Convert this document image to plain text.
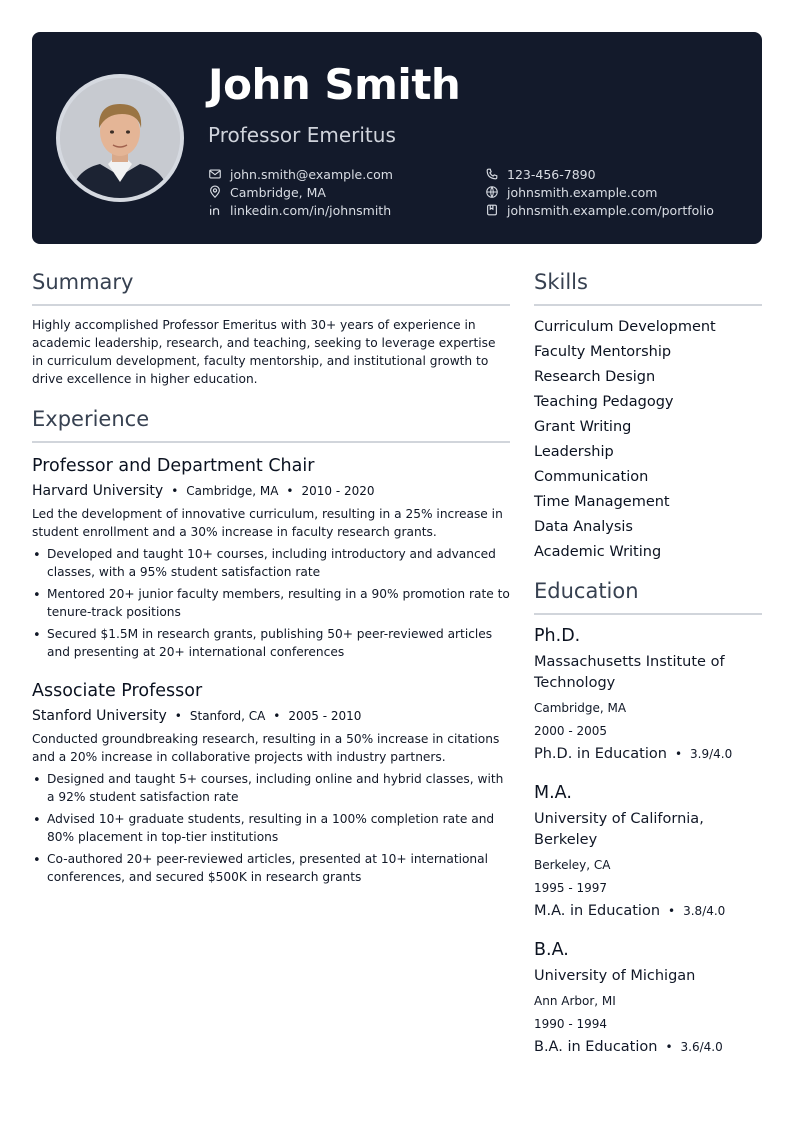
John Smith
Professor Emeritus
john.smith@example.com	123-456-7890
Cambridge, MA	johnsmith.example.com
linkedin.com/in/johnsmith	johnsmith.example.com/portfolio
Summary

Highly accomplished Professor Emeritus with 30+ years of experience in academic leadership, research, and teaching, seeking to leverage expertise in curriculum development, faculty mentorship, and institutional growth to drive excellence in higher education.

Experience
Professor and Department Chair
Harvard University • Cambridge, MA • 2010 - 2020

Led the development of innovative curriculum, resulting in a 25% increase in student enrollment and a 30% increase in faculty research grants.

• Developed and taught 10+ courses, including introductory and advanced classes, with a 95% student satisfaction rate
• Mentored 20+ junior faculty members, resulting in a 90% promotion rate to tenure-track positions
• Secured $1.5M in research grants, publishing 50+ peer-reviewed articles and presenting at 20+ international conferences
Associate Professor
Stanford University • Stanford, CA • 2005 - 2010

Conducted groundbreaking research, resulting in a 50% increase in citations and a 20% increase in collaborative projects with industry partners.

• Designed and taught 5+ courses, including online and hybrid classes, with a 92% student satisfaction rate
• Advised 10+ graduate students, resulting in a 100% completion rate and 80% placement in top-tier institutions
• Co-authored 20+ peer-reviewed articles, presented at 10+ international conferences, and secured $500K in research grants
Skills
Curriculum Development
Faculty Mentorship
Research Design
Teaching Pedagogy
Grant Writing
Leadership
Communication
Time Management
Data Analysis
Academic Writing
Education
Ph.D.
Massachusetts Institute of Technology
Cambridge, MA
2000 - 2005
Ph.D. in Education • 3.9/4.0
M.A.
University of California, Berkeley
Berkeley, CA
1995 - 1997
M.A. in Education • 3.8/4.0
B.A.
University of Michigan
Ann Arbor, MI
1990 - 1994
B.A. in Education • 3.6/4.0
